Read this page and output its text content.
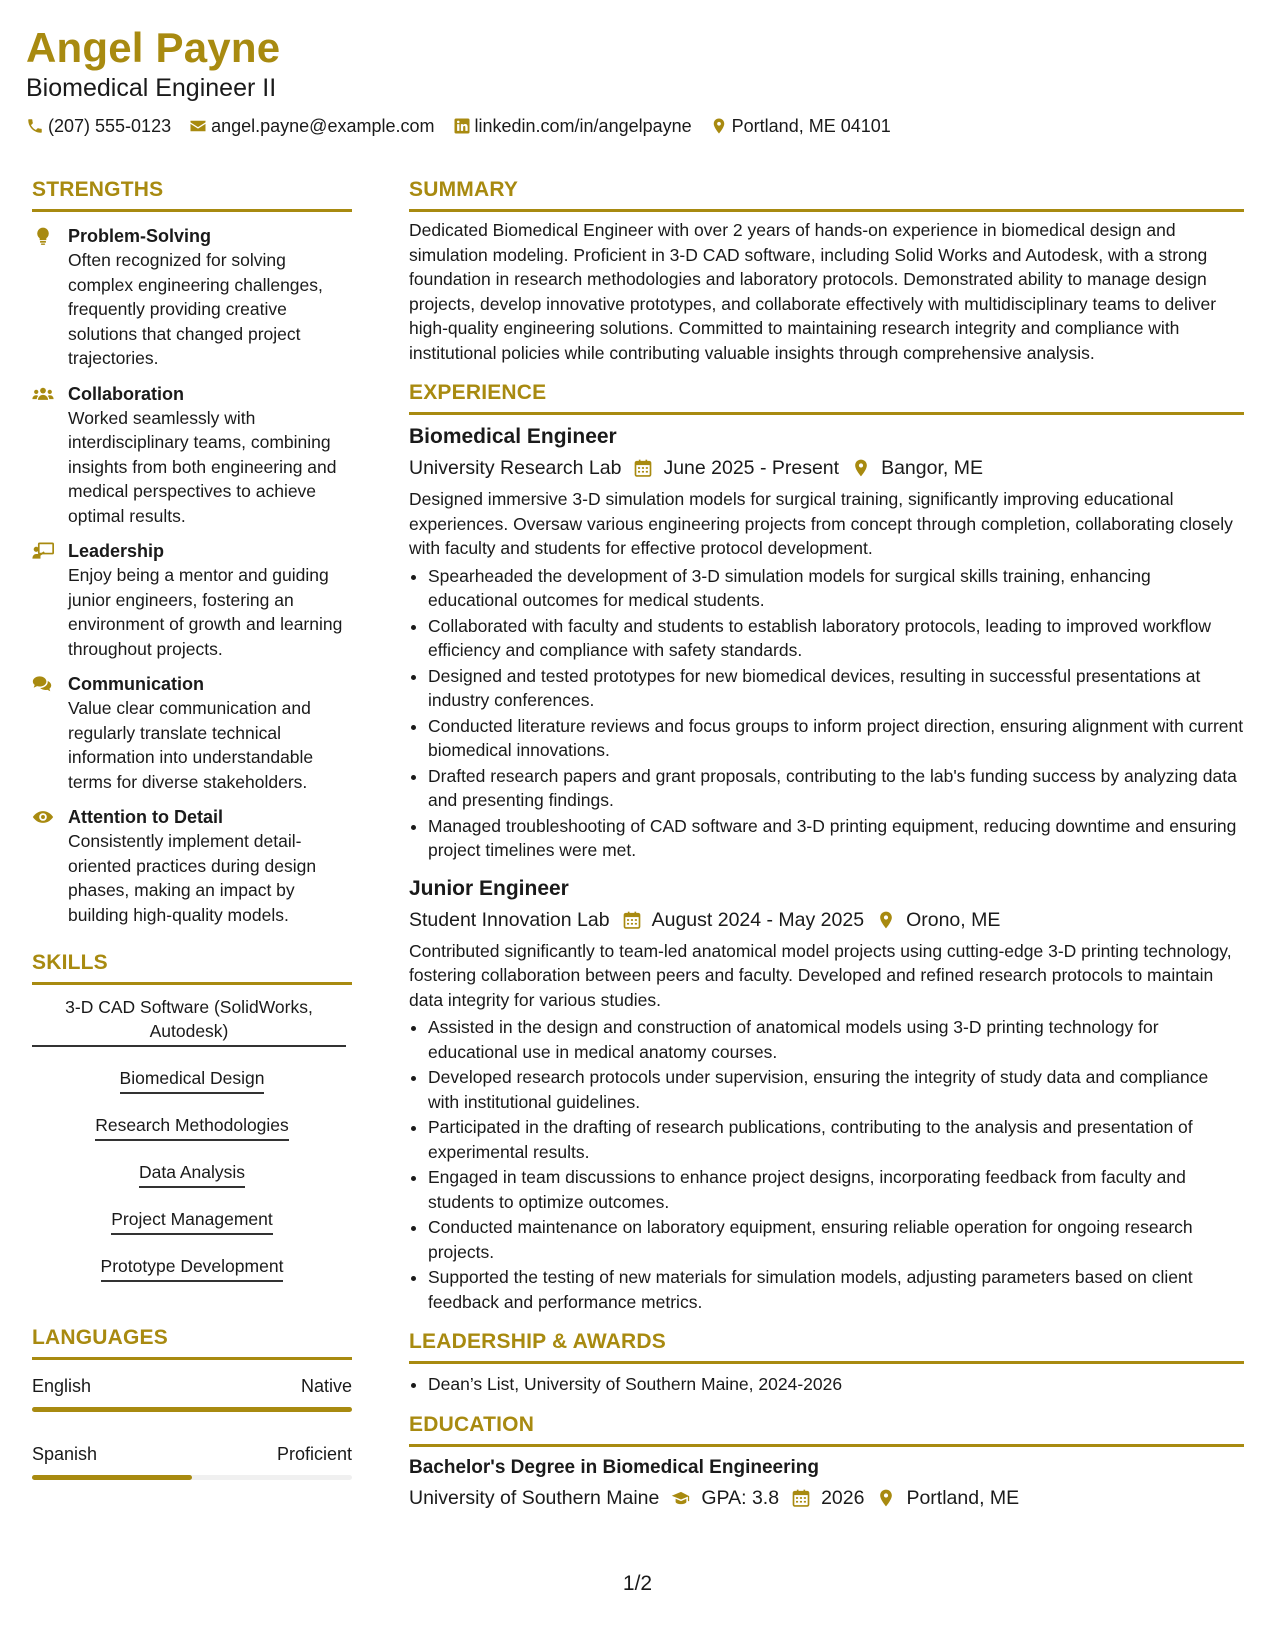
Angel Payne
Biomedical Engineer II
(207) 555-0123 angel.payne@example.com linkedin.com/in/angelpayne Portland, ME 04101
STRENGTHS
Problem-Solving
Often recognized for solving complex engineering challenges, frequently providing creative solutions that changed project trajectories.
Collaboration
Worked seamlessly with interdisciplinary teams, combining insights from both engineering and medical perspectives to achieve optimal results.
Leadership
Enjoy being a mentor and guiding junior engineers, fostering an environment of growth and learning throughout projects.
Communication
Value clear communication and regularly translate technical information into understandable terms for diverse stakeholders.
Attention to Detail
Consistently implement detail-oriented practices during design phases, making an impact by building high-quality models.
SKILLS
3-D CAD Software (SolidWorks, Autodesk)
Biomedical Design
Research Methodologies
Data Analysis
Project Management
Prototype Development
LANGUAGES
English	Native
Spanish	Proficient
SUMMARY
Dedicated Biomedical Engineer with over 2 years of hands-on experience in biomedical design and simulation modeling. Proficient in 3-D CAD software, including Solid Works and Autodesk, with a strong foundation in research methodologies and laboratory protocols. Demonstrated ability to manage design projects, develop innovative prototypes, and collaborate effectively with multidisciplinary teams to deliver high-quality engineering solutions. Committed to maintaining research integrity and compliance with institutional policies while contributing valuable insights through comprehensive analysis.
EXPERIENCE
Biomedical Engineer
University Research Lab June 2025 - Present Bangor, ME
Designed immersive 3-D simulation models for surgical training, significantly improving educational experiences. Oversaw various engineering projects from concept through completion, collaborating closely with faculty and students for effective protocol development.
• Spearheaded the development of 3-D simulation models for surgical skills training, enhancing educational outcomes for medical students.
• Collaborated with faculty and students to establish laboratory protocols, leading to improved workflow efficiency and compliance with safety standards.
• Designed and tested prototypes for new biomedical devices, resulting in successful presentations at industry conferences.
• Conducted literature reviews and focus groups to inform project direction, ensuring alignment with current biomedical innovations.
• Drafted research papers and grant proposals, contributing to the lab's funding success by analyzing data and presenting findings.
• Managed troubleshooting of CAD software and 3-D printing equipment, reducing downtime and ensuring project timelines were met.
Junior Engineer
Student Innovation Lab August 2024 - May 2025 Orono, ME
Contributed significantly to team-led anatomical model projects using cutting-edge 3-D printing technology, fostering collaboration between peers and faculty. Developed and refined research protocols to maintain data integrity for various studies.
• Assisted in the design and construction of anatomical models using 3-D printing technology for educational use in medical anatomy courses.
• Developed research protocols under supervision, ensuring the integrity of study data and compliance with institutional guidelines.
• Participated in the drafting of research publications, contributing to the analysis and presentation of experimental results.
• Engaged in team discussions to enhance project designs, incorporating feedback from faculty and students to optimize outcomes.
• Conducted maintenance on laboratory equipment, ensuring reliable operation for ongoing research projects.
• Supported the testing of new materials for simulation models, adjusting parameters based on client feedback and performance metrics.
LEADERSHIP & AWARDS
• Dean’s List, University of Southern Maine, 2024-2026
EDUCATION
Bachelor's Degree in Biomedical Engineering
University of Southern Maine GPA: 3.8 2026 Portland, ME
1/2
